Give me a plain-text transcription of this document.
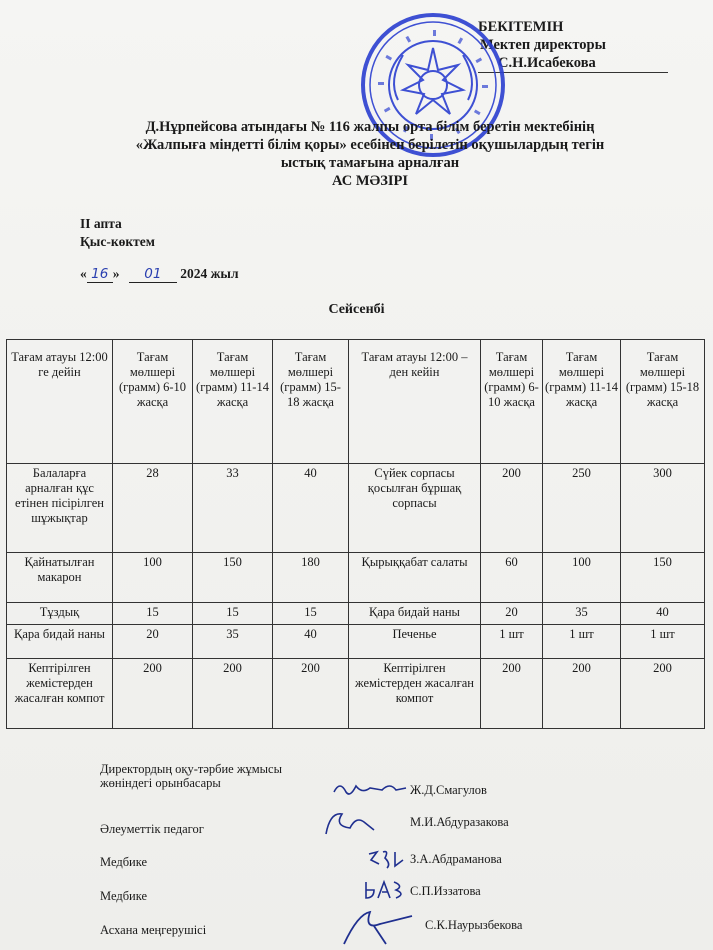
БЕКІТЕМІН
Мектеп директоры
С.Н.Исабекова
Д.Нұрпейсова атындағы № 116 жалпы орта білім беретін мектебінің
«Жалпыға міндетті білім қоры» есебінен берілетін оқушылардың тегін
ыстық тамағына арналған
АС МӘЗІРІ
ІІ апта
Қыс-көктем
« 16 » 01 2024 жыл
Сейсенбі
Тағам атауы 12:00 ге дейін	Тағам мөлшері (грамм) 6-10 жасқа	Тағам мөлшері (грамм) 11-14 жасқа	Тағам мөлшері (грамм) 15-18 жасқа	Тағам атауы 12:00 – ден кейін	Тағам мөлшері (грамм) 6-10 жасқа	Тағам мөлшері (грамм) 11-14 жасқа	Тағам мөлшері (грамм) 15-18 жасқа
Балаларға арналған құс етінен пісірілген шұжықтар	28	33	40	Сүйек сорпасы қосылған бұршақ сорпасы	200	250	300
Қайнатылған макарон	100	150	180	Қырыққабат салаты	60	100	150
Тұздық	15	15	15	Қара бидай наны	20	35	40
Қара бидай наны	20	35	40	Печенье	1 шт	1 шт	1 шт
Кептірілген жемістерден жасалған компот	200	200	200	Кептірілген жемістерден жасалған компот	200	200	200
Директордың оқу-тәрбие жұмысы жөніндегі орынбасары	Ж.Д.Смагулов
Әлеуметтік педагог	М.И.Абдуразакова
Медбике	З.А.Абдраманова
Медбике	С.П.Иззатова
Асхана меңгерушісі	С.К.Наурызбекова
